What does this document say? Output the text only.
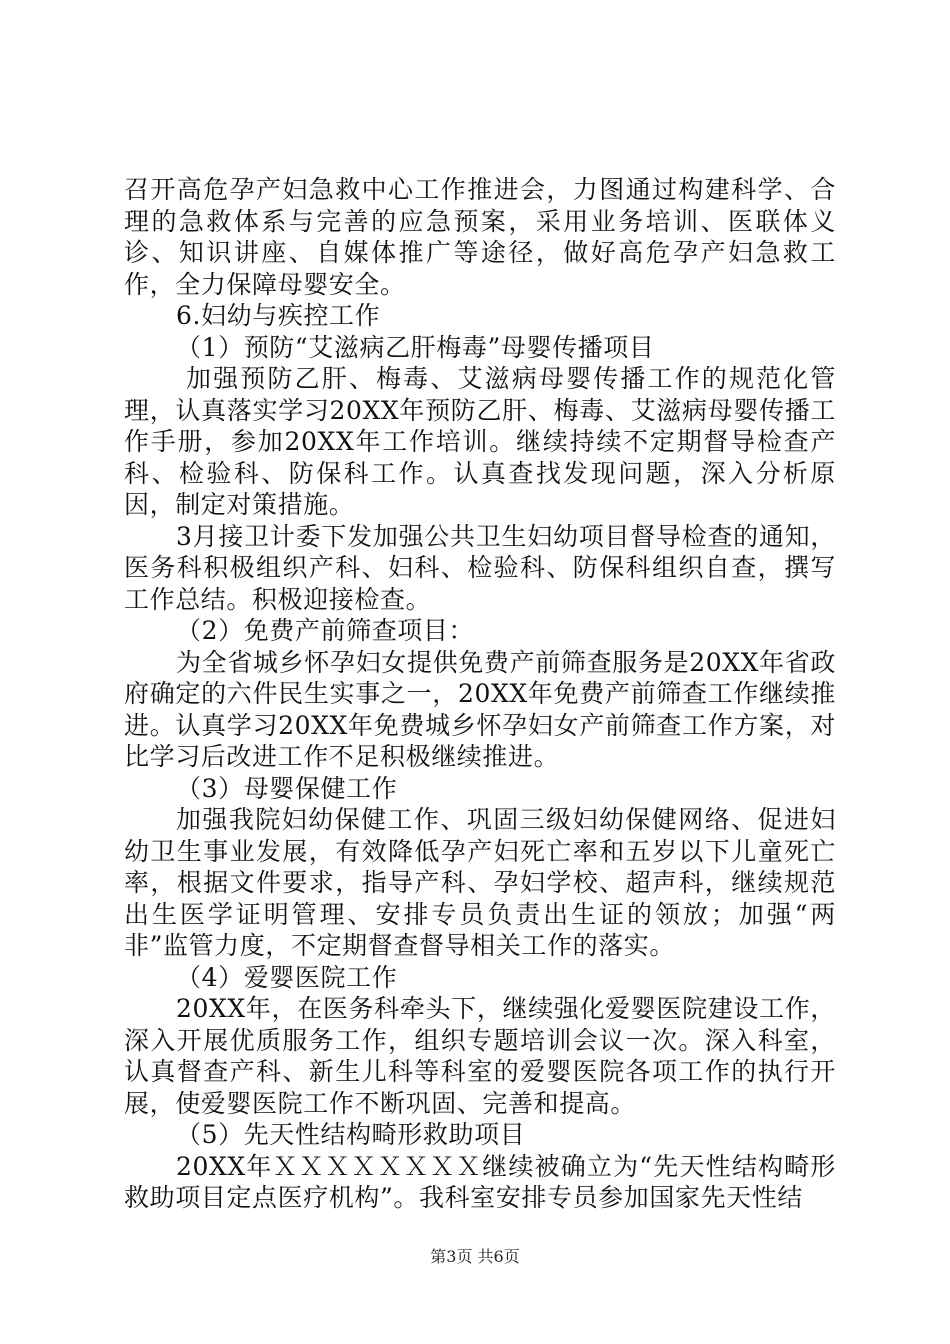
召开高危孕产妇急救中心工作推进会，力图通过构建科学、合理的急救体系与完善的应急预案，采用业务培训、医联体义诊、知识讲座、自媒体推广等途径，做好高危孕产妇急救工作，全力保障母婴安全。

6.妇幼与疾控工作

（1）预防“艾滋病乙肝梅毒”母婴传播项目

加强预防乙肝、梅毒、艾滋病母婴传播工作的规范化管理，认真落实学习20XX年预防乙肝、梅毒、艾滋病母婴传播工作手册，参加20XX年工作培训。继续持续不定期督导检查产科、检验科、防保科工作。认真查找发现问题，深入分析原因，制定对策措施。

3月接卫计委下发加强公共卫生妇幼项目督导检查的通知，医务科积极组织产科、妇科、检验科、防保科组织自查，撰写工作总结。积极迎接检查。

（2）免费产前筛查项目：

为全省城乡怀孕妇女提供免费产前筛查服务是20XX年省政府确定的六件民生实事之一，20XX年免费产前筛查工作继续推进。认真学习20XX年免费城乡怀孕妇女产前筛查工作方案，对比学习后改进工作不足积极继续推进。

（3）母婴保健工作

加强我院妇幼保健工作、巩固三级妇幼保健网络、促进妇幼卫生事业发展，有效降低孕产妇死亡率和五岁以下儿童死亡率，根据文件要求，指导产科、孕妇学校、超声科，继续规范出生医学证明管理、安排专员负责出生证的领放；加强“两非”监管力度，不定期督查督导相关工作的落实。

（4）爱婴医院工作

20XX年，在医务科牵头下，继续强化爱婴医院建设工作，深入开展优质服务工作，组织专题培训会议一次。深入科室，认真督查产科、新生儿科等科室的爱婴医院各项工作的执行开展，使爱婴医院工作不断巩固、完善和提高。

（5）先天性结构畸形救助项目

20XX年ＸＸＸＸＸＸＸＸ继续被确立为“先天性结构畸形救助项目定点医疗机构”。我科室安排专员参加国家先天性结

第3页 共6页
